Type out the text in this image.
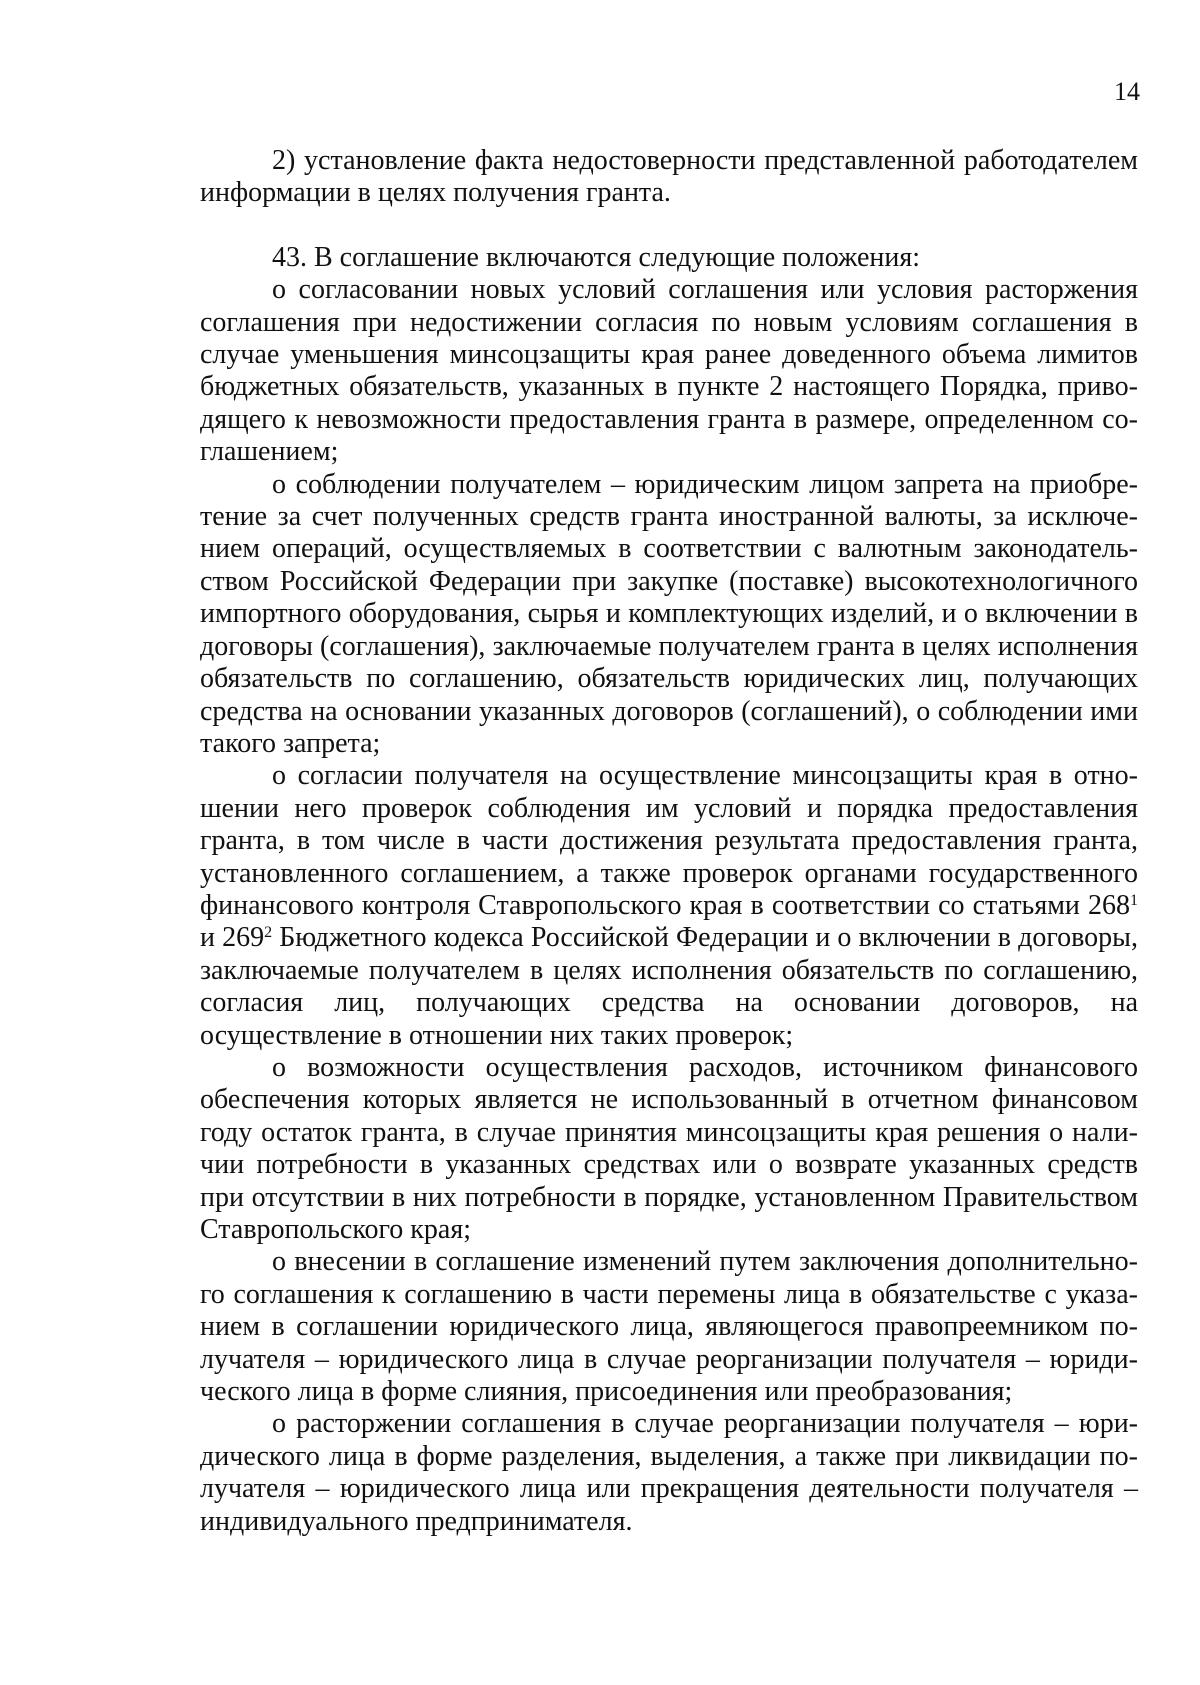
14

2) установление факта недостоверности представленной работодателем информации в целях получения гранта.

43. В соглашение включаются следующие положения:

о согласовании новых условий соглашения или условия расторжения соглашения при недостижении согласия по новым условиям соглашения в случае уменьшения минсоцзащиты края ранее доведенного объема лимитов бюджетных обязательств, указанных в пункте 2 настоящего Порядка, приводящего к невозможности предоставления гранта в размере, определенном соглашением;

о соблюдении получателем – юридическим лицом запрета на приобретение за счет полученных средств гранта иностранной валюты, за исключением операций, осуществляемых в соответствии с валютным законодательством Российской Федерации при закупке (поставке) высокотехнологичного импортного оборудования, сырья и комплектующих изделий, и о включении в договоры (соглашения), заключаемые получателем гранта в целях исполнения обязательств по соглашению, обязательств юридических лиц, получающих средства на основании указанных договоров (соглашений), о соблюдении ими такого запрета;

о согласии получателя на осуществление минсоцзащиты края в отношении него проверок соблюдения им условий и порядка предоставления гранта, в том числе в части достижения результата предоставления гранта, установленного соглашением, а также проверок органами государственного финансового контроля Ставропольского края в соответствии со статьями $268^1$ и $269^2$ Бюджетного кодекса Российской Федерации и о включении в договоры, заключаемые получателем в целях исполнения обязательств по соглашению, согласия лиц, получающих средства на основании договоров, на осуществление в отношении них таких проверок;

о возможности осуществления расходов, источником финансового обеспечения которых является не использованный в отчетном финансовом году остаток гранта, в случае принятия минсоцзащиты края решения о наличии потребности в указанных средствах или о возврате указанных средств при отсутствии в них потребности в порядке, установленном Правительством Ставропольского края;

о внесении в соглашение изменений путем заключения дополнительного соглашения к соглашению в части перемены лица в обязательстве с указанием в соглашении юридического лица, являющегося правопреемником получателя – юридического лица в случае реорганизации получателя – юридического лица в форме слияния, присоединения или преобразования;

о расторжении соглашения в случае реорганизации получателя – юридического лица в форме разделения, выделения, а также при ликвидации получателя – юридического лица или прекращения деятельности получателя – индивидуального предпринимателя.
